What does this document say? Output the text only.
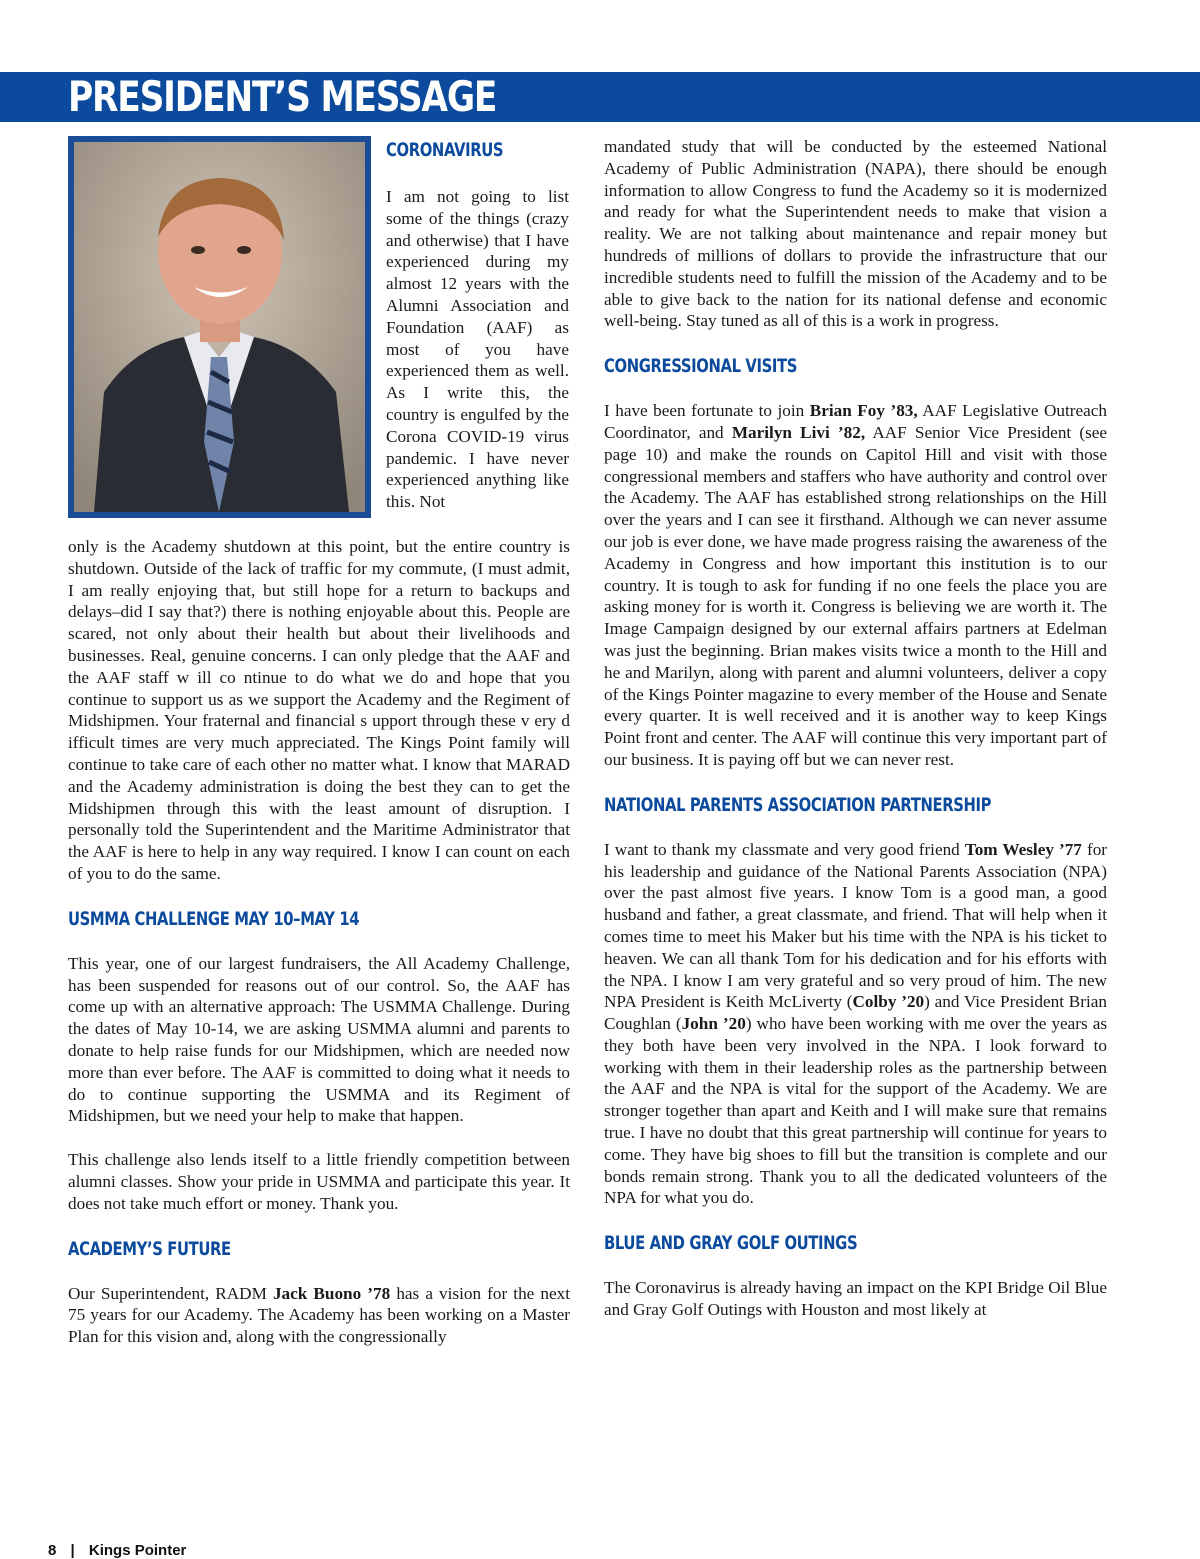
PRESIDENT’S MESSAGE
CORONAVIRUS

I am not going to list some of the things (crazy and otherwise) that I have experienced during my almost 12 years with the Alumni Association and Foundation (AAF) as most of you have experienced them as well. As I write this, the country is engulfed by the Corona COVID-19 virus pandemic. I have never experienced anything like this. Not

only is the Academy shutdown at this point, but the entire country is shutdown. Outside of the lack of traffic for my commute, (I must admit, I am really enjoying that, but still hope for a return to backups and delays–did I say that?) there is nothing enjoyable about this. People are scared, not only about their health but about their livelihoods and businesses. Real, genuine concerns. I can only pledge that the AAF and the AAF staff w ill co ntinue to do what we do and hope that you continue to support us as we support the Academy and the Regiment of Midshipmen. Your fraternal and financial s upport through these v ery d ifficult times are very much appreciated. The Kings Point family will continue to take care of each other no matter what. I know that MARAD and the Academy administration is doing the best they can to get the Midshipmen through this with the least amount of disruption. I personally told the Superintendent and the Maritime Administrator that the AAF is here to help in any way required. I know I can count on each of you to do the same.

USMMA CHALLENGE MAY 10–MAY 14

This year, one of our largest fundraisers, the All Academy Challenge, has been suspended for reasons out of our control. So, the AAF has come up with an alternative approach: The USMMA Challenge. During the dates of May 10-14, we are asking USMMA alumni and parents to donate to help raise funds for our Midshipmen, which are needed now more than ever before. The AAF is committed to doing what it needs to do to continue supporting the USMMA and its Regiment of Midshipmen, but we need your help to make that happen.

This challenge also lends itself to a little friendly competition between alumni classes. Show your pride in USMMA and participate this year. It does not take much effort or money. Thank you.

ACADEMY’S FUTURE

Our Superintendent, RADM Jack Buono ’78 has a vision for the next 75 years for our Academy. The Academy has been working on a Master Plan for this vision and, along with the congressionally

mandated study that will be conducted by the esteemed National Academy of Public Administration (NAPA), there should be enough information to allow Congress to fund the Academy so it is modernized and ready for what the Superintendent needs to make that vision a reality. We are not talking about maintenance and repair money but hundreds of millions of dollars to provide the infrastructure that our incredible students need to fulfill the mission of the Academy and to be able to give back to the nation for its national defense and economic well-being. Stay tuned as all of this is a work in progress.

CONGRESSIONAL VISITS

I have been fortunate to join Brian Foy ’83, AAF Legislative Outreach Coordinator, and Marilyn Livi ’82, AAF Senior Vice President (see page 10) and make the rounds on Capitol Hill and visit with those congressional members and staffers who have authority and control over the Academy. The AAF has established strong relationships on the Hill over the years and I can see it firsthand. Although we can never assume our job is ever done, we have made progress raising the awareness of the Academy in Congress and how important this institution is to our country. It is tough to ask for funding if no one feels the place you are asking money for is worth it. Congress is believing we are worth it. The Image Campaign designed by our external affairs partners at Edelman was just the beginning. Brian makes visits twice a month to the Hill and he and Marilyn, along with parent and alumni volunteers, deliver a copy of the Kings Pointer magazine to every member of the House and Senate every quarter. It is well received and it is another way to keep Kings Point front and center. The AAF will continue this very important part of our business. It is paying off but we can never rest.

NATIONAL PARENTS ASSOCIATION PARTNERSHIP

I want to thank my classmate and very good friend Tom Wesley ’77 for his leadership and guidance of the National Parents Association (NPA) over the past almost five years. I know Tom is a good man, a good husband and father, a great classmate, and friend. That will help when it comes time to meet his Maker but his time with the NPA is his ticket to heaven. We can all thank Tom for his dedication and for his efforts with the NPA. I know I am very grateful and so very proud of him. The new NPA President is Keith McLiverty (Colby ’20) and Vice President Brian Coughlan (John ’20) who have been working with me over the years as they both have been very involved in the NPA. I look forward to working with them in their leadership roles as the partnership between the AAF and the NPA is vital for the support of the Academy. We are stronger together than apart and Keith and I will make sure that remains true. I have no doubt that this great partnership will continue for years to come. They have big shoes to fill but the transition is complete and our bonds remain strong. Thank you to all the dedicated volunteers of the NPA for what you do.

BLUE AND GRAY GOLF OUTINGS

The Coronavirus is already having an impact on the KPI Bridge Oil Blue and Gray Golf Outings with Houston and most likely at

8 | Kings Pointer
